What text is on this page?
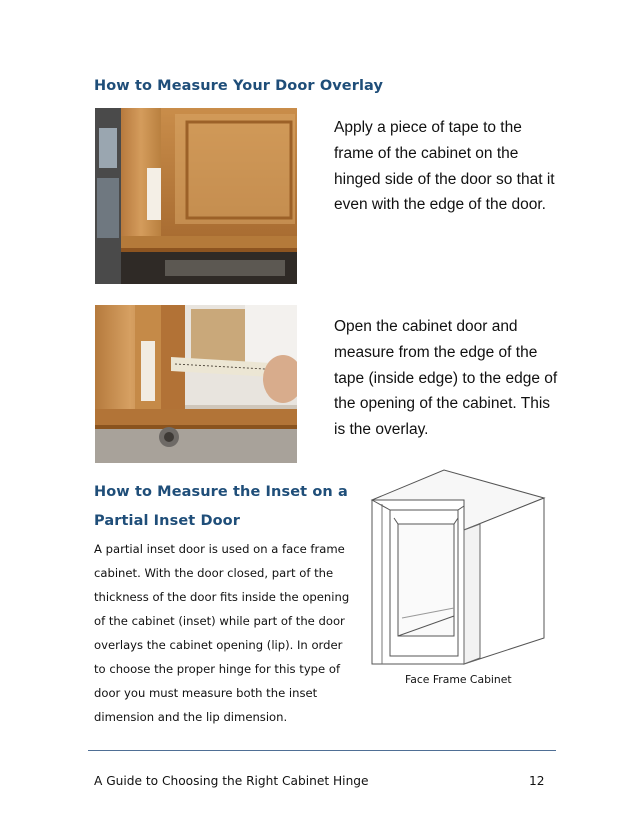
How to Measure Your Door Overlay
Apply a piece of tape to the frame of the cabinet on the hinged side of the door so that it even with the edge of the door.
Open the cabinet door and measure from the edge of the tape (inside edge) to the edge of the opening of the cabinet. This is the overlay.
How to Measure the Inset on a
Partial Inset Door
A partial inset door is used on a face frame cabinet. With the door closed, part of the thickness of the door fits inside the opening of the cabinet (inset) while part of the door overlays the cabinet opening (lip). In order to choose the proper hinge for this type of door you must measure both the inset dimension and the lip dimension.
Face Frame Cabinet
A Guide to Choosing the Right Cabinet Hinge	12
